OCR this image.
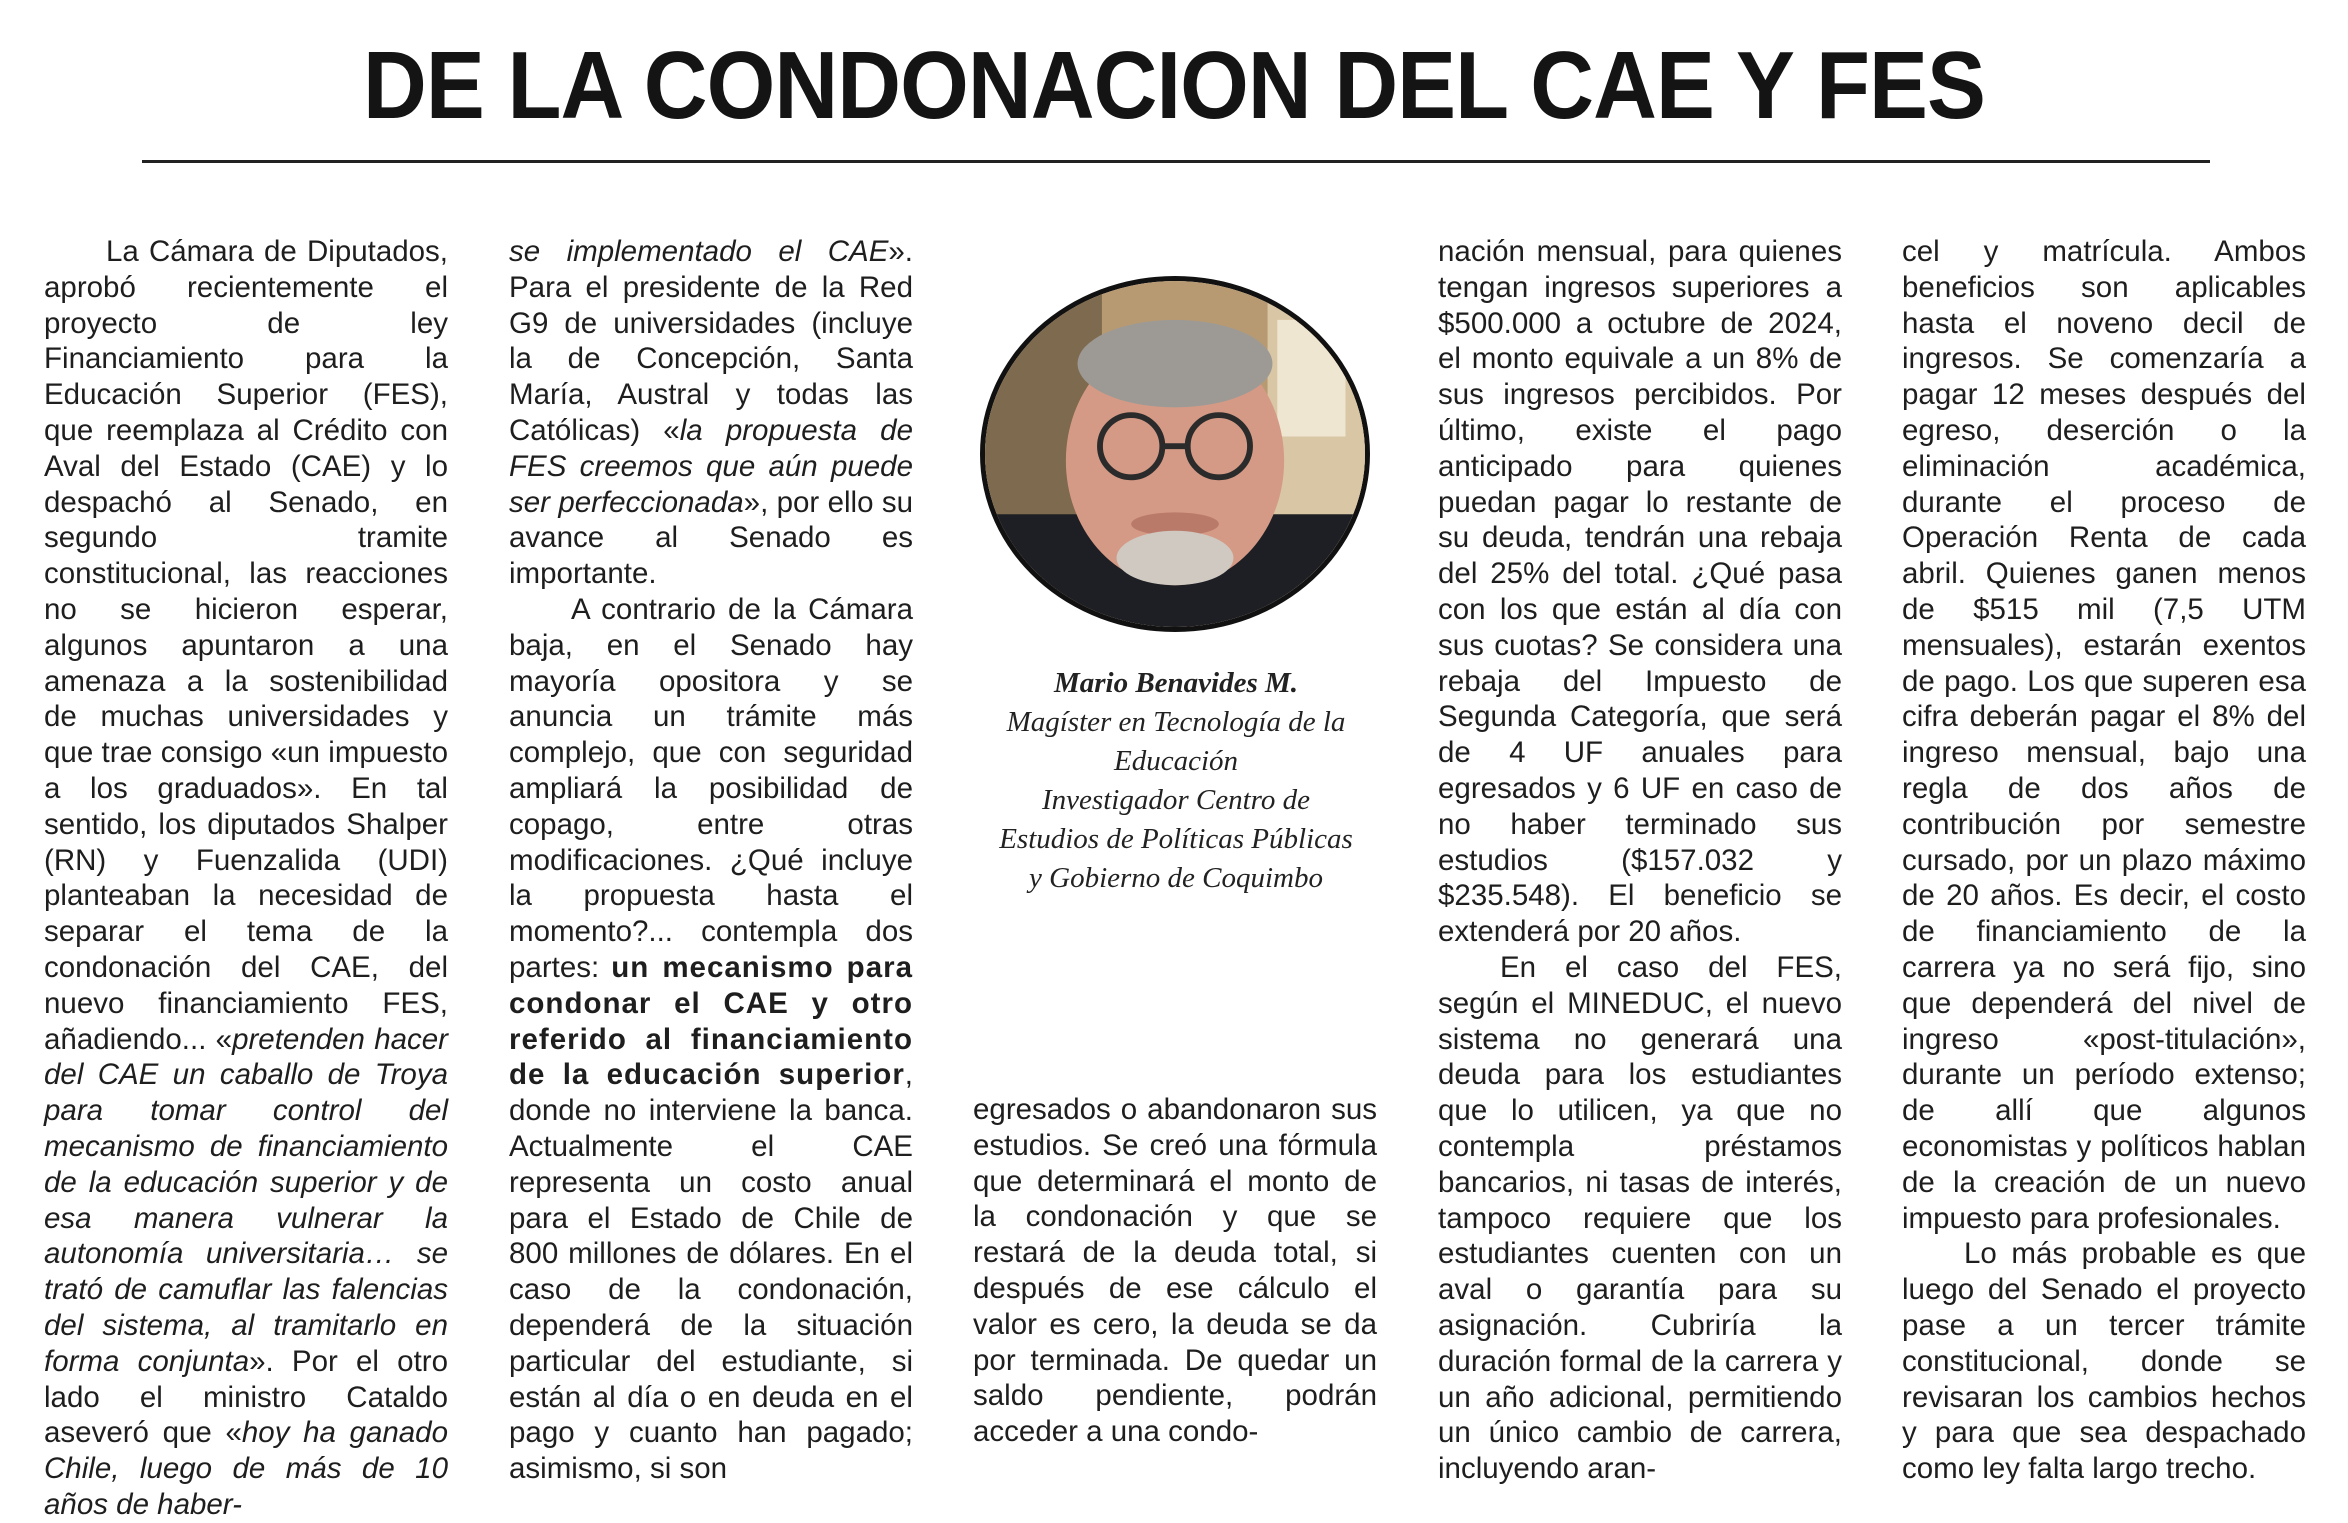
DE LA CONDONACION DEL CAE Y FES

La Cámara de Diputados, aprobó recientemente el proyecto de ley Financiamiento para la Educación Superior (FES), que reemplaza al Crédito con Aval del Estado (CAE) y lo despachó al Senado, en segundo tramite constitucional, las reacciones no se hicieron esperar, algunos apuntaron a una amenaza a la sostenibilidad de muchas universidades y que trae consigo «un impuesto a los graduados». En tal sentido, los diputados Shalper (RN) y Fuenzalida (UDI) planteaban la necesidad de separar el tema de la condonación del CAE, del nuevo financiamiento FES, añadiendo... «pretenden hacer del CAE un caballo de Troya para tomar control del mecanismo de financiamiento de la educación superior y de esa manera vulnerar la autonomía universitaria… se trató de camuflar las falencias del sistema, al tramitarlo en forma conjunta». Por el otro lado el ministro Cataldo aseveró que «hoy ha ganado Chile, luego de más de 10 años de haber-

se implementado el CAE». Para el presidente de la Red G9 de universidades (incluye la de Concepción, Santa María, Austral y todas las Católicas) «la propuesta de FES creemos que aún puede ser perfeccionada», por ello su avance al Senado es importante.

A contrario de la Cámara baja, en el Senado hay mayoría opositora y se anuncia un trámite más complejo, que con seguridad ampliará la posibilidad de copago, entre otras modificaciones. ¿Qué incluye la propuesta hasta el momento?... contempla dos partes: un mecanismo para condonar el CAE y otro referido al financiamiento de la educación superior, donde no interviene la banca. Actualmente el CAE representa un costo anual para el Estado de Chile de 800 millones de dólares. En el caso de la condonación, dependerá de la situación particular del estudiante, si están al día o en deuda en el pago y cuanto han pagado; asimismo, si son

Mario Benavides M.
Magíster en Tecnología de la
Educación
Investigador Centro de
Estudios de Políticas Públicas
y Gobierno de Coquimbo

egresados o abandonaron sus estudios. Se creó una fórmula que determinará el monto de la condonación y que se restará de la deuda total, si después de ese cálculo el valor es cero, la deuda se da por terminada. De quedar un saldo pendiente, podrán acceder a una condo-

nación mensual, para quienes tengan ingresos superiores a $500.000 a octubre de 2024, el monto equivale a un 8% de sus ingresos percibidos. Por último, existe el pago anticipado para quienes puedan pagar lo restante de su deuda, tendrán una rebaja del 25% del total. ¿Qué pasa con los que están al día con sus cuotas? Se considera una rebaja del Impuesto de Segunda Categoría, que será de 4 UF anuales para egresados y 6 UF en caso de no haber terminado sus estudios ($157.032 y $235.548). El beneficio se extenderá por 20 años.

En el caso del FES, según el MINEDUC, el nuevo sistema no generará una deuda para los estudiantes que lo utilicen, ya que no contempla préstamos bancarios, ni tasas de interés, tampoco requiere que los estudiantes cuenten con un aval o garantía para su asignación. Cubriría la duración formal de la carrera y un año adicional, permitiendo un único cambio de carrera, incluyendo aran-

cel y matrícula. Ambos beneficios son aplicables hasta el noveno decil de ingresos. Se comenzaría a pagar 12 meses después del egreso, deserción o la eliminación académica, durante el proceso de Operación Renta de cada abril. Quienes ganen menos de $515 mil (7,5 UTM mensuales), estarán exentos de pago. Los que superen esa cifra deberán pagar el 8% del ingreso mensual, bajo una regla de dos años de contribución por semestre cursado, por un plazo máximo de 20 años. Es decir, el costo de financiamiento de la carrera ya no será fijo, sino que dependerá del nivel de ingreso «post-titulación», durante un período extenso; de allí que algunos economistas y políticos hablan de la creación de un nuevo impuesto para profesionales.

Lo más probable es que luego del Senado el proyecto pase a un tercer trámite constitucional, donde se revisaran los cambios hechos y para que sea despachado como ley falta largo trecho.
